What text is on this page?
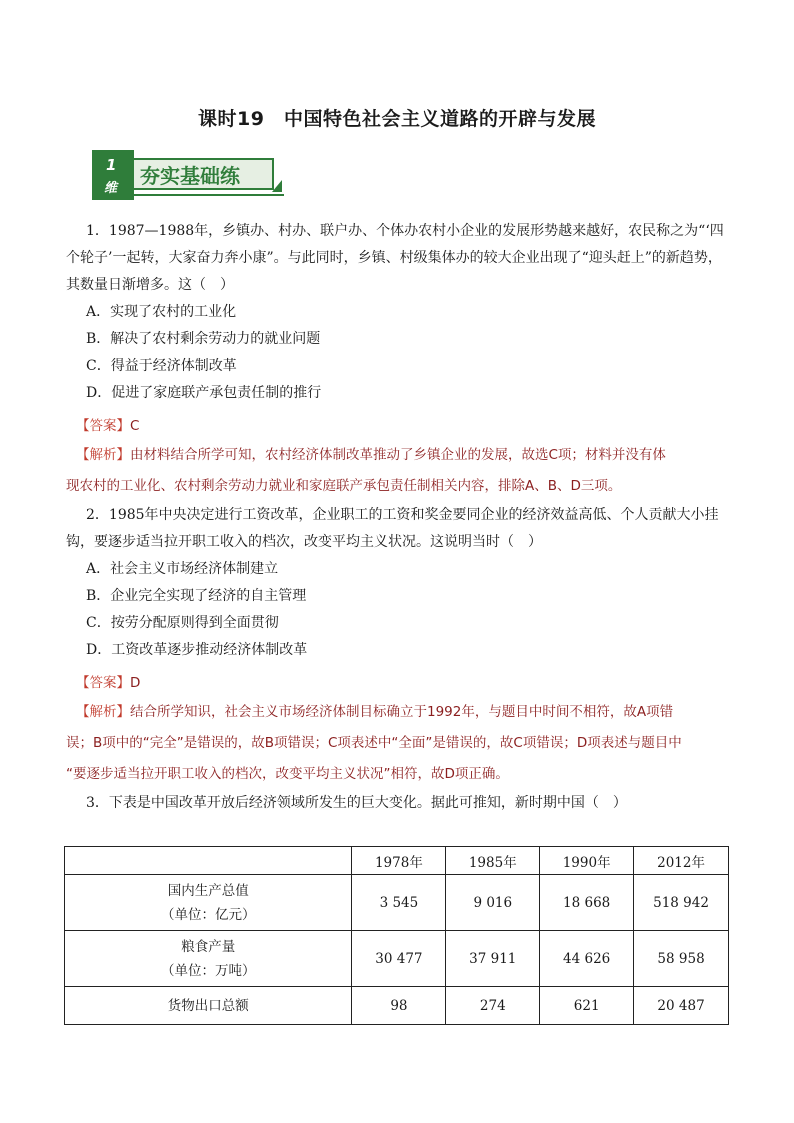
课时19　中国特色社会主义道路的开辟与发展
1
维
夯实基础练

1．1987—1988年，乡镇办、村办、联户办、个体办农村小企业的发展形势越来越好，农民称之为“‘四

个轮子’一起转，大家奋力奔小康”。与此同时，乡镇、村级集体办的较大企业出现了“迎头赶上”的新趋势，

其数量日渐增多。这（　）

A．实现了农村的工业化

B．解决了农村剩余劳动力的就业问题

C．得益于经济体制改革

D．促进了家庭联产承包责任制的推行

【答案】C

【解析】由材料结合所学可知，农村经济体制改革推动了乡镇企业的发展，故选C项；材料并没有体

现农村的工业化、农村剩余劳动力就业和家庭联产承包责任制相关内容，排除A、B、D三项。

2．1985年中央决定进行工资改革，企业职工的工资和奖金要同企业的经济效益高低、个人贡献大小挂

钩，要逐步适当拉开职工收入的档次，改变平均主义状况。这说明当时（　）

A．社会主义市场经济体制建立

B．企业完全实现了经济的自主管理

C．按劳分配原则得到全面贯彻

D．工资改革逐步推动经济体制改革

【答案】D

【解析】结合所学知识，社会主义市场经济体制目标确立于1992年，与题目中时间不相符，故A项错

误；B项中的“完全”是错误的，故B项错误；C项表述中“全面”是错误的，故C项错误；D项表述与题目中

“要逐步适当拉开职工收入的档次，改变平均主义状况”相符，故D项正确。

3．下表是中国改革开放后经济领域所发生的巨大变化。据此可推知，新时期中国（　）

	1978年	1985年	1990年	2012年

国内生产总值
（单位：亿元）	3 545	9 016	18 668	518 942

粮食产量
（单位：万吨）	30 477	37 911	44 626	58 958

货物出口总额	98	274	621	20 487
